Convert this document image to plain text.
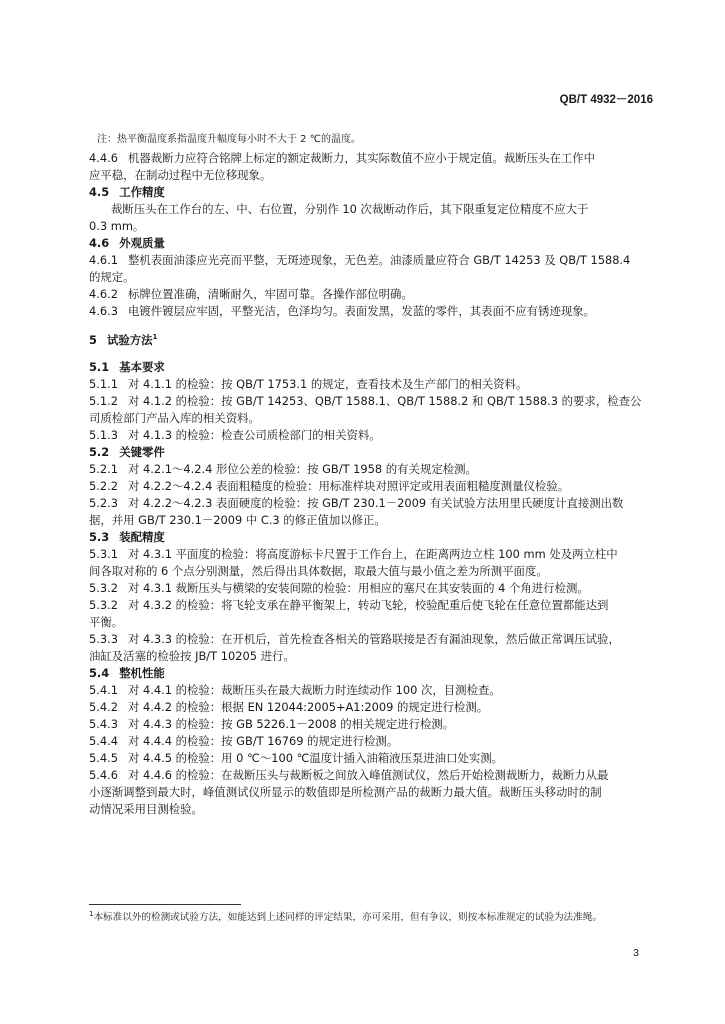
QB/T 4932－2016
注：热平衡温度系指温度升幅度每小时不大于 2 ℃的温度。
4.4.6 机器裁断力应符合铭牌上标定的额定裁断力，其实际数值不应小于规定值。裁断压头在工作中
应平稳，在制动过程中无位移现象。
4.5 工作精度
裁断压头在工作台的左、中、右位置，分别作 10 次裁断动作后，其下限重复定位精度不应大于
0.3 mm。
4.6 外观质量
4.6.1 整机表面油漆应光亮而平整，无斑迹现象，无色差。油漆质量应符合 GB/T 14253 及 QB/T 1588.4
的规定。
4.6.2 标牌位置准确，清晰耐久，牢固可靠。各操作部位明确。
4.6.3 电镀件镀层应牢固，平整光洁，色泽均匀。表面发黑，发蓝的零件，其表面不应有锈迹现象。
5 试验方法$^1$
5.1 基本要求
5.1.1 对 4.1.1 的检验：按 QB/T 1753.1 的规定，查看技术及生产部门的相关资料。
5.1.2 对 4.1.2 的检验：按 GB/T 14253、QB/T 1588.1、QB/T 1588.2 和 QB/T 1588.3 的要求，检查公
司质检部门产品入库的相关资料。
5.1.3 对 4.1.3 的检验：检查公司质检部门的相关资料。
5.2 关键零件
5.2.1 对 4.2.1～4.2.4 形位公差的检验：按 GB/T 1958 的有关规定检测。
5.2.2 对 4.2.2～4.2.4 表面粗糙度的检验：用标准样块对照评定或用表面粗糙度测量仪检验。
5.2.3 对 4.2.2～4.2.3 表面硬度的检验：按 GB/T 230.1－2009 有关试验方法用里氏硬度计直接测出数
据，并用 GB/T 230.1－2009 中 C.3 的修正值加以修正。
5.3 装配精度
5.3.1 对 4.3.1 平面度的检验：将高度游标卡尺置于工作台上，在距离两边立柱 100 mm 处及两立柱中
间各取对称的 6 个点分别测量，然后得出具体数据，取最大值与最小值之差为所测平面度。
5.3.2 对 4.3.1 裁断压头与横梁的安装间隙的检验：用相应的塞尺在其安装面的 4 个角进行检测。
5.3.2 对 4.3.2 的检验：将飞轮支承在静平衡架上，转动飞轮，校验配重后使飞轮在任意位置都能达到
平衡。
5.3.3 对 4.3.3 的检验：在开机后，首先检查各相关的管路联接是否有漏油现象，然后做正常调压试验，
油缸及活塞的检验按 JB/T 10205 进行。
5.4 整机性能
5.4.1 对 4.4.1 的检验：裁断压头在最大裁断力时连续动作 100 次，目测检查。
5.4.2 对 4.4.2 的检验：根据 EN 12044:2005+A1:2009 的规定进行检测。
5.4.3 对 4.4.3 的检验：按 GB 5226.1－2008 的相关规定进行检测。
5.4.4 对 4.4.4 的检验：按 GB/T 16769 的规定进行检测。
5.4.5 对 4.4.5 的检验：用 0 ℃～100 ℃温度计插入油箱液压泵进油口处实测。
5.4.6 对 4.4.6 的检验：在裁断压头与裁断板之间放入峰值测试仪，然后开始检测裁断力，裁断力从最
小逐渐调整到最大时，峰值测试仪所显示的数值即是所检测产品的裁断力最大值。裁断压头移动时的制
动情况采用目测检验。
$^1$本标准以外的检测或试验方法，如能达到上述同样的评定结果，亦可采用，但有争议，则按本标准规定的试验为法准绳。
3
